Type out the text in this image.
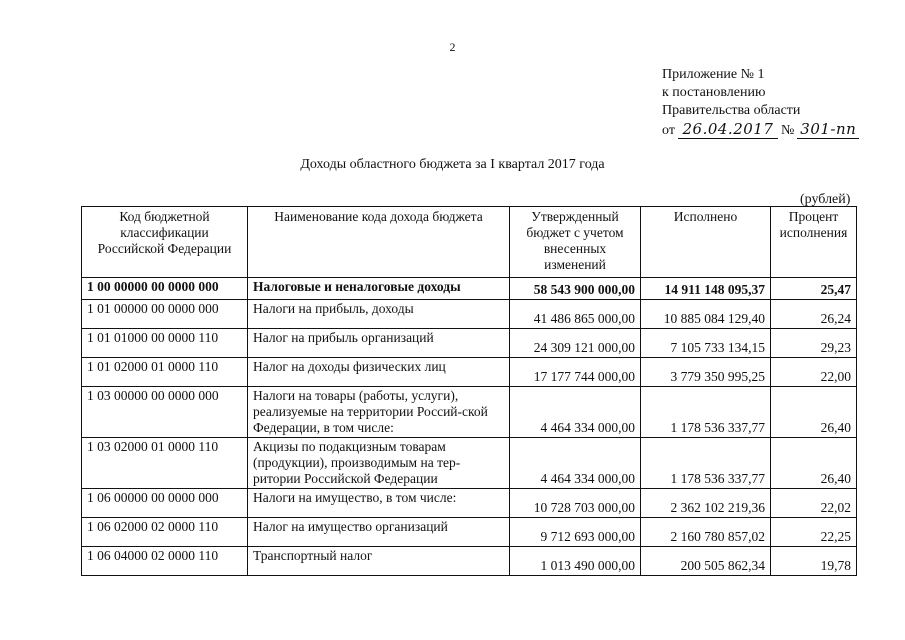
2
Приложение № 1
к постановлению
Правительства области
от 26.04.2017 № 301-пп
Доходы областного бюджета за I квартал 2017 года
(рублей)
Код бюджетной классификации Российской Федерации	Наименование кода дохода бюджета	Утвержденный бюджет с учетом внесенных изменений	Исполнено	Процент исполнения
1 00 00000 00 0000 000	Налоговые и неналоговые доходы	58 543 900 000,00	14 911 148 095,37	25,47
1 01 00000 00 0000 000	Налоги на прибыль, доходы	41 486 865 000,00	10 885 084 129,40	26,24
1 01 01000 00 0000 110	Налог на прибыль организаций	24 309 121 000,00	7 105 733 134,15	29,23
1 01 02000 01 0000 110	Налог на доходы физических лиц	17 177 744 000,00	3 779 350 995,25	22,00
1 03 00000 00 0000 000	Налоги на товары (работы, услуги), реализуемые на территории Россий-ской Федерации, в том числе:	4 464 334 000,00	1 178 536 337,77	26,40
1 03 02000 01 0000 110	Акцизы по подакцизным товарам (продукции), производимым на тер-ритории Российской Федерации	4 464 334 000,00	1 178 536 337,77	26,40
1 06 00000 00 0000 000	Налоги на имущество, в том числе:	10 728 703 000,00	2 362 102 219,36	22,02
1 06 02000 02 0000 110	Налог на имущество организаций	9 712 693 000,00	2 160 780 857,02	22,25
1 06 04000 02 0000 110	Транспортный налог	1 013 490 000,00	200 505 862,34	19,78
